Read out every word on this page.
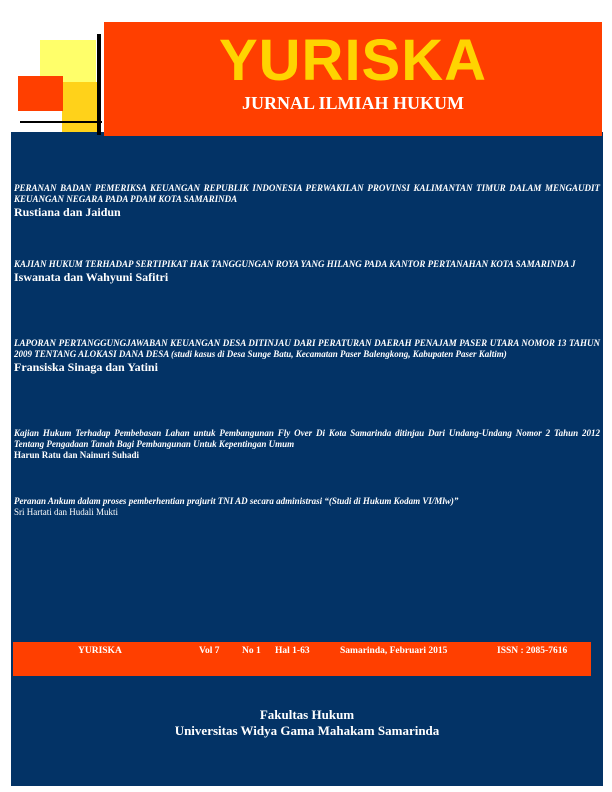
YURISKA
JURNAL ILMIAH HUKUM
PERANAN BADAN PEMERIKSA KEUANGAN REPUBLIK INDONESIA PERWAKILAN PROVINSI KALIMANTAN TIMUR DALAM MENGAUDIT KEUANGAN NEGARA PADA PDAM KOTA SAMARINDA
Rustiana dan Jaidun
KAJIAN HUKUM TERHADAP SERTIPIKAT HAK TANGGUNGAN ROYA YANG HILANG PADA KANTOR PERTANAHAN KOTA SAMARINDA J
Iswanata dan Wahyuni Safitri
LAPORAN PERTANGGUNGJAWABAN KEUANGAN DESA DITINJAU DARI PERATURAN DAERAH PENAJAM PASER UTARA NOMOR 13 TAHUN 2009 TENTANG ALOKASI DANA DESA (studi kasus di Desa Sunge Batu, Kecamatan Paser Balengkong, Kabupaten Paser Kaltim)
Fransiska Sinaga dan Yatini
Kajian Hukum Terhadap Pembebasan Lahan untuk Pembangunan Fly Over Di Kota Samarinda ditinjau Dari Undang-Undang Nomor 2 Tahun 2012 Tentang Pengadaan Tanah Bagi Pembangunan Untuk Kepentingan Umum
Harun Ratu dan Nainuri Suhadi
Peranan Ankum dalam proses pemberhentian prajurit TNI AD secara administrasi “(Studi di Hukum Kodam VI/Mlw)”
Sri Hartati dan Hudali Mukti
YURISKA	Vol 7 No 1 Hal 1-63	Samarinda, Februari 2015	ISSN : 2085-7616
Fakultas Hukum
Universitas Widya Gama Mahakam Samarinda
